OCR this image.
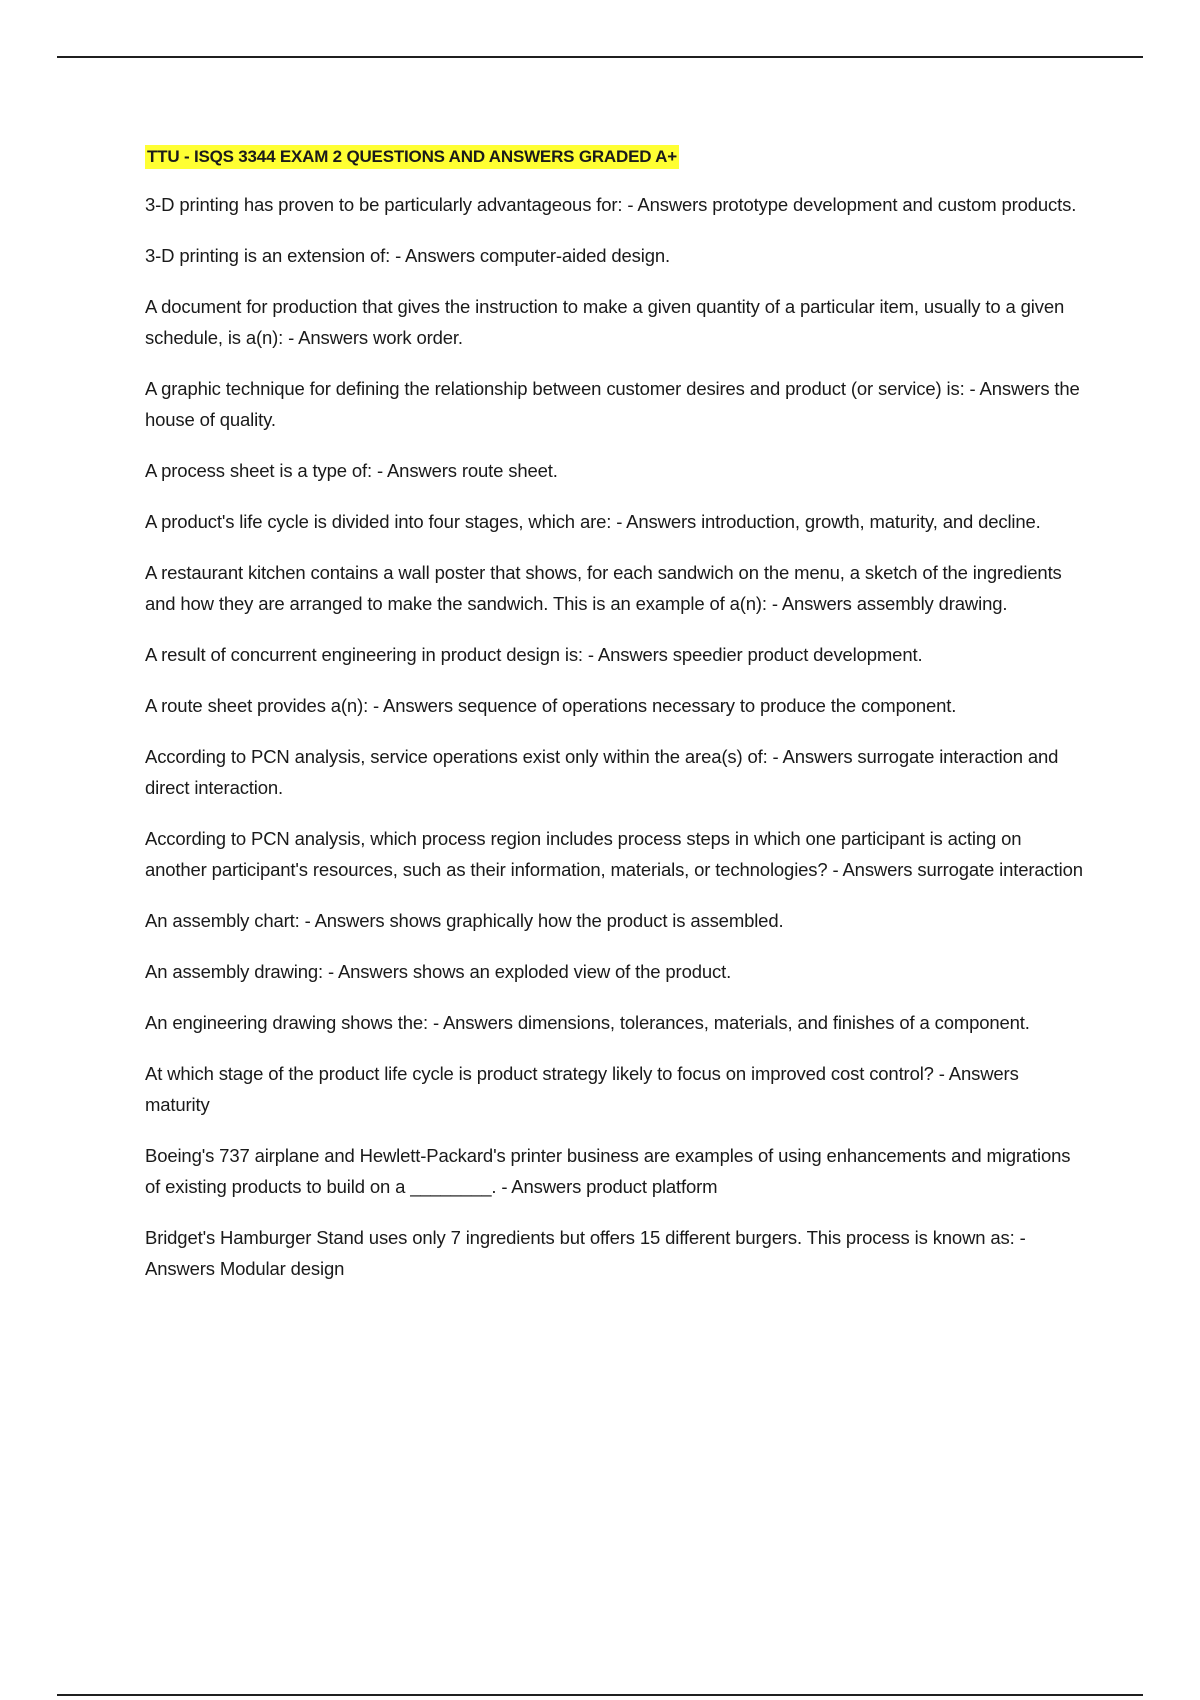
TTU - ISQS 3344 EXAM 2 QUESTIONS AND ANSWERS GRADED A+

3-D printing has proven to be particularly advantageous for: - Answers prototype development and custom products.
3-D printing is an extension of: - Answers computer-aided design.
A document for production that gives the instruction to make a given quantity of a particular item, usually to a given schedule, is a(n): - Answers work order.
A graphic technique for defining the relationship between customer desires and product (or service) is: - Answers the house of quality.
A process sheet is a type of: - Answers route sheet.
A product's life cycle is divided into four stages, which are: - Answers introduction, growth, maturity, and decline.
A restaurant kitchen contains a wall poster that shows, for each sandwich on the menu, a sketch of the ingredients and how they are arranged to make the sandwich. This is an example of a(n): - Answers assembly drawing.
A result of concurrent engineering in product design is: - Answers speedier product development.
A route sheet provides a(n): - Answers sequence of operations necessary to produce the component.
According to PCN analysis, service operations exist only within the area(s) of: - Answers surrogate interaction and direct interaction.
According to PCN analysis, which process region includes process steps in which one participant is acting on another participant's resources, such as their information, materials, or technologies? - Answers surrogate interaction
An assembly chart: - Answers shows graphically how the product is assembled.
An assembly drawing: - Answers shows an exploded view of the product.
An engineering drawing shows the: - Answers dimensions, tolerances, materials, and finishes of a component.
At which stage of the product life cycle is product strategy likely to focus on improved cost control? - Answers maturity
Boeing's 737 airplane and Hewlett-Packard's printer business are examples of using enhancements and migrations of existing products to build on a ________. - Answers product platform
Bridget's Hamburger Stand uses only 7 ingredients but offers 15 different burgers. This process is known as: - Answers Modular design
